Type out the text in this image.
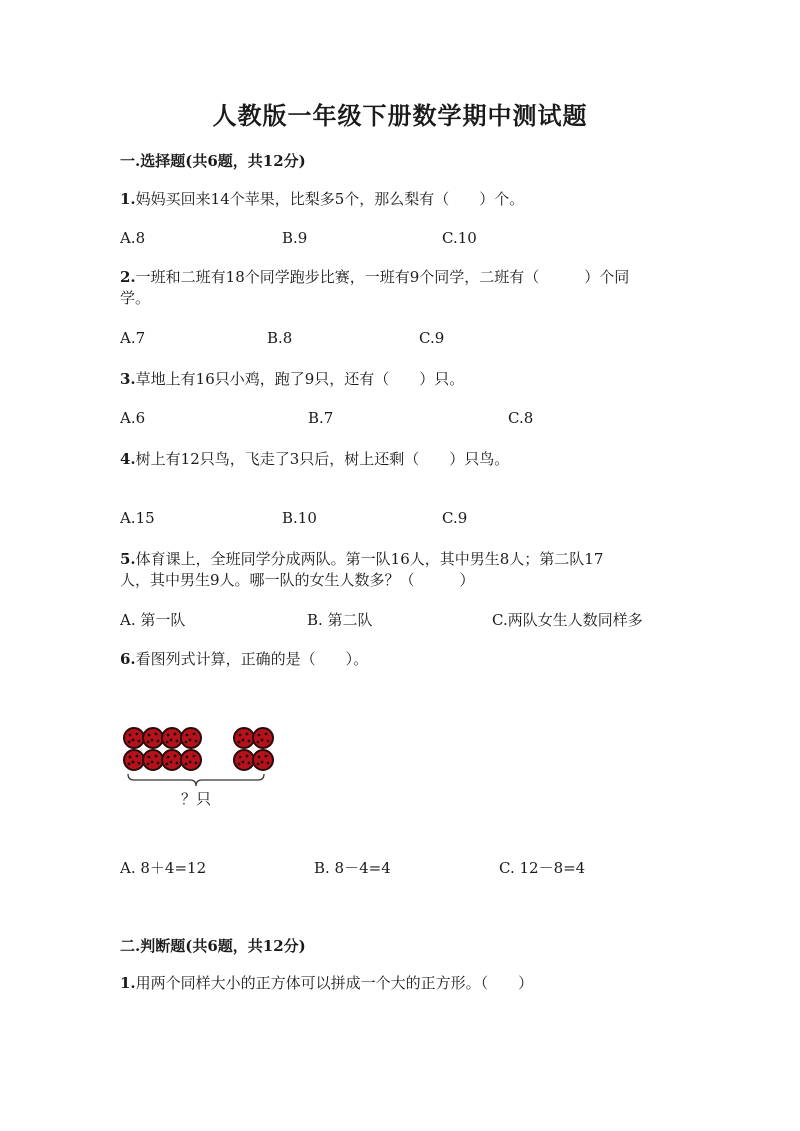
人教版一年级下册数学期中测试题
一.选择题(共6题，共12分)
1.妈妈买回来14个苹果，比梨多5个，那么梨有（　　）个。
A.8	B.9	C.10
2.一班和二班有18个同学跑步比赛，一班有9个同学，二班有（　　　）个同
学。
A.7	B.8	C.9
3.草地上有16只小鸡，跑了9只，还有（　　）只。
A.6	B.7	C.8
4.树上有12只鸟，飞走了3只后，树上还剩（　　）只鸟。
A.15	B.10	C.9
5.体育课上，全班同学分成两队。第一队16人，其中男生8人；第二队17
人，其中男生9人。哪一队的女生人数多？（　　　）
A. 第一队	B. 第二队	C.两队女生人数同样多
6.看图列式计算，正确的是（　　）。
？只
A. 8＋4=12	B. 8－4=4	C. 12－8=4
二.判断题(共6题，共12分)
1.用两个同样大小的正方体可以拼成一个大的正方形。（　　）
